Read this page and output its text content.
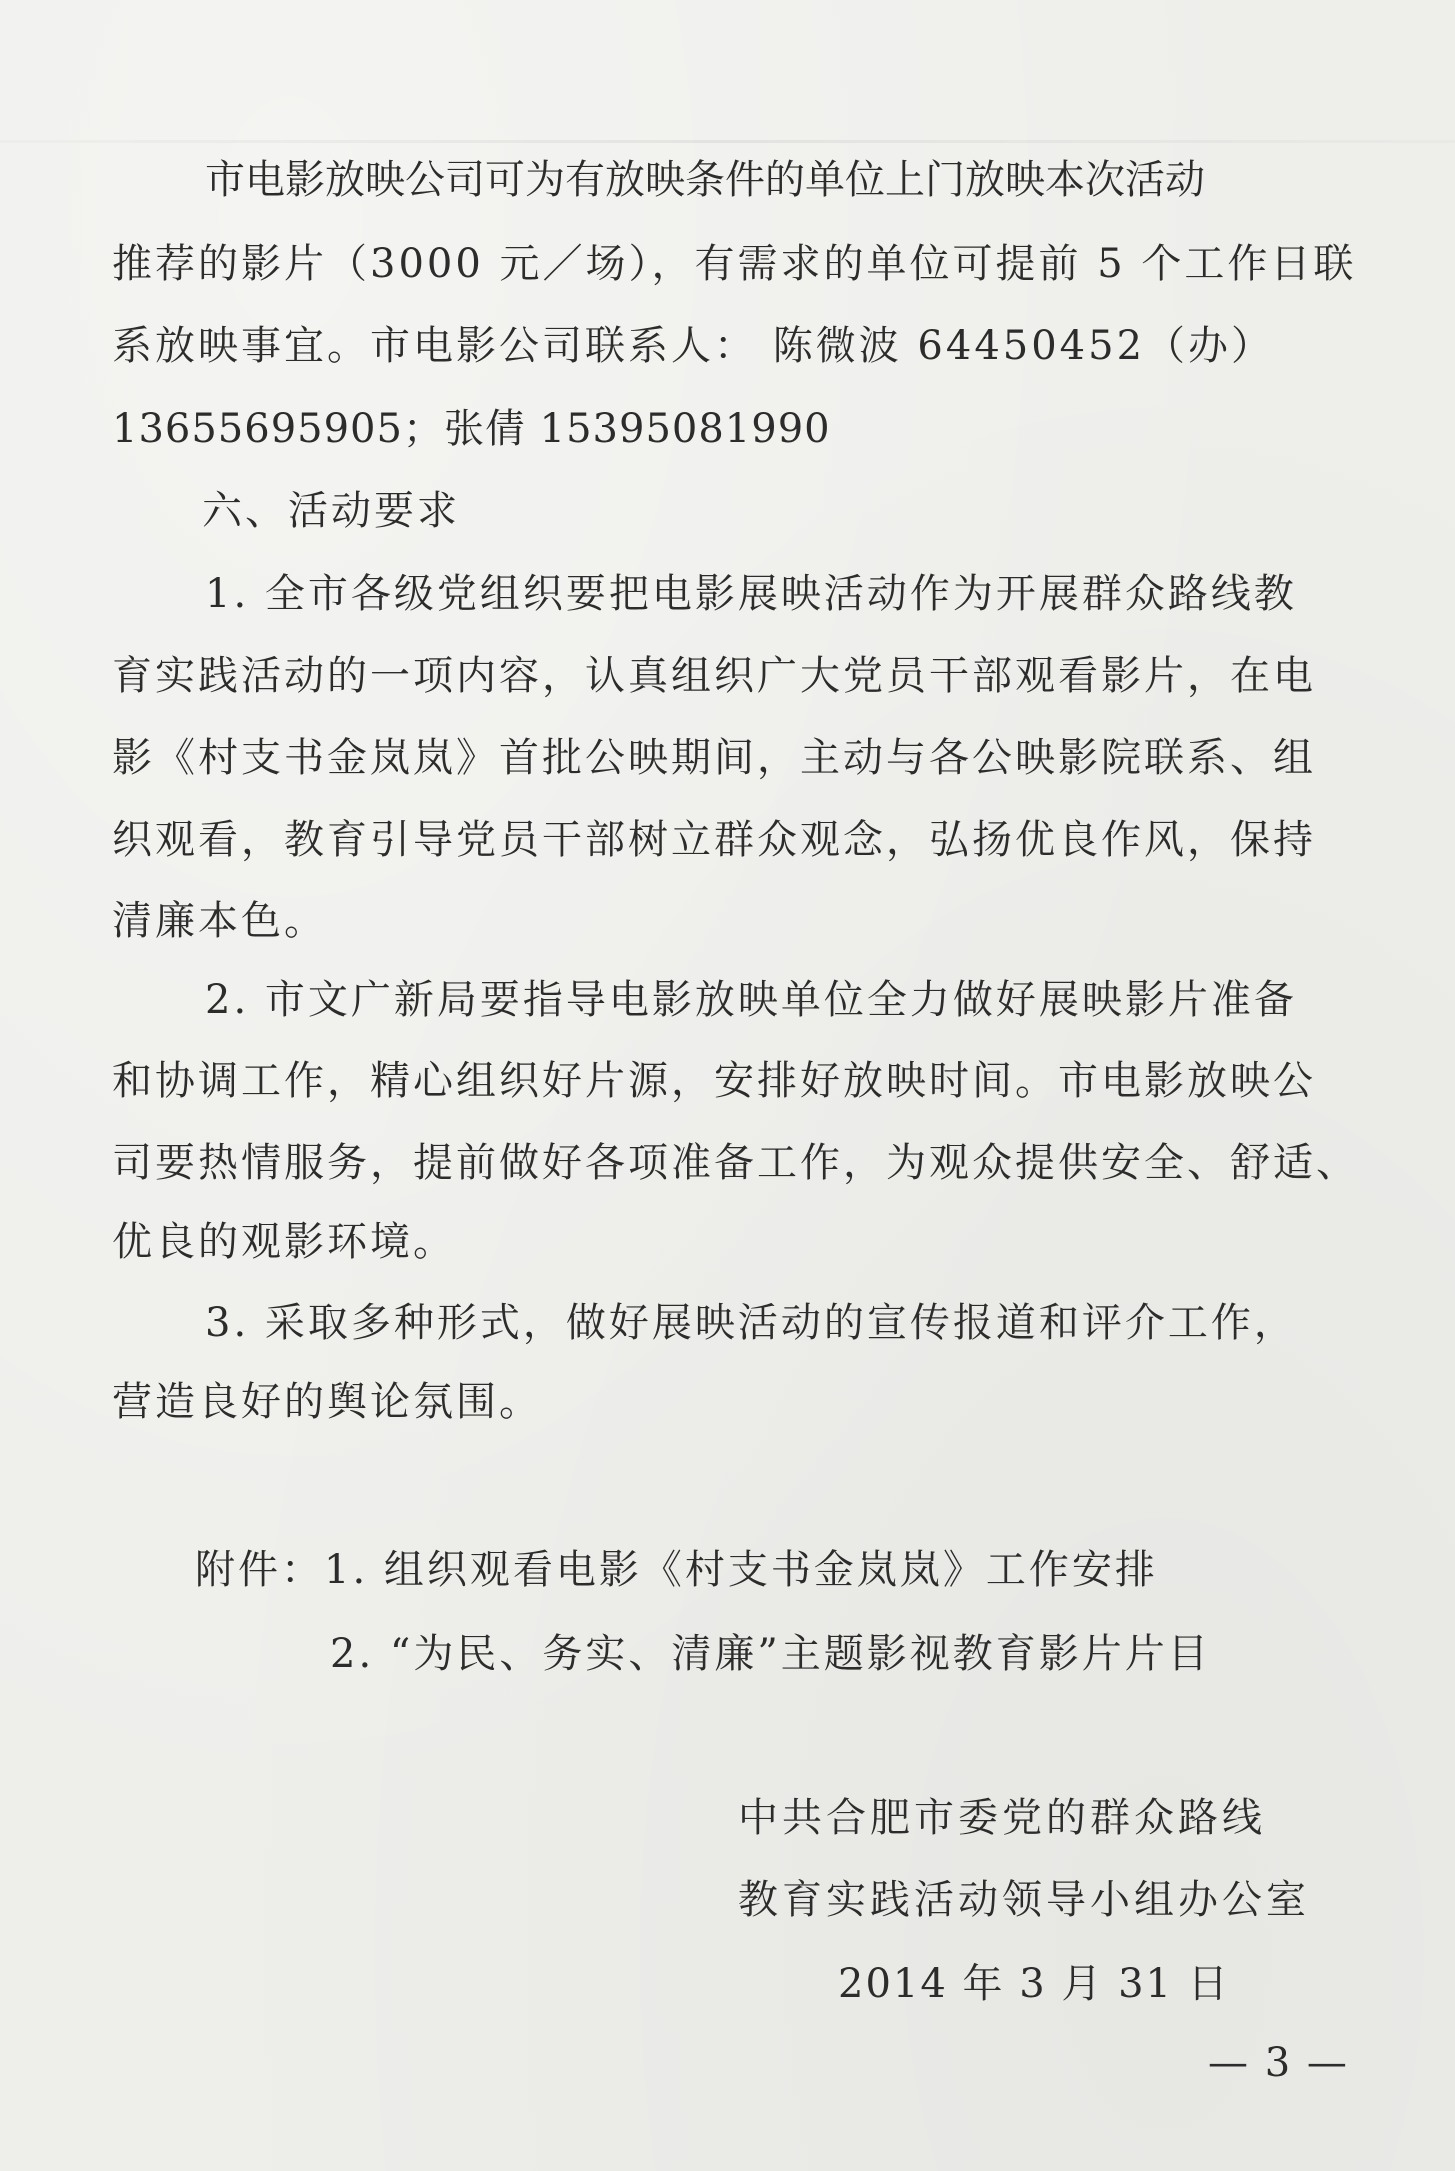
市电影放映公司可为有放映条件的单位上门放映本次活动
推荐的影片（3000 元／场），有需求的单位可提前 5 个工作日联
系放映事宜。市电影公司联系人： 陈微波 64450452（办）
13655695905；张倩 15395081990
六、活动要求
1. 全市各级党组织要把电影展映活动作为开展群众路线教
育实践活动的一项内容，认真组织广大党员干部观看影片，在电
影《村支书金岚岚》首批公映期间，主动与各公映影院联系、组
织观看，教育引导党员干部树立群众观念，弘扬优良作风，保持
清廉本色。
2. 市文广新局要指导电影放映单位全力做好展映影片准备
和协调工作，精心组织好片源，安排好放映时间。市电影放映公
司要热情服务，提前做好各项准备工作，为观众提供安全、舒适、
优良的观影环境。
3. 采取多种形式，做好展映活动的宣传报道和评介工作，
营造良好的舆论氛围。
附件：1. 组织观看电影《村支书金岚岚》工作安排
2. “为民、务实、清廉”主题影视教育影片片目
中共合肥市委党的群众路线
教育实践活动领导小组办公室
2014 年 3 月 31 日
— 3 —
